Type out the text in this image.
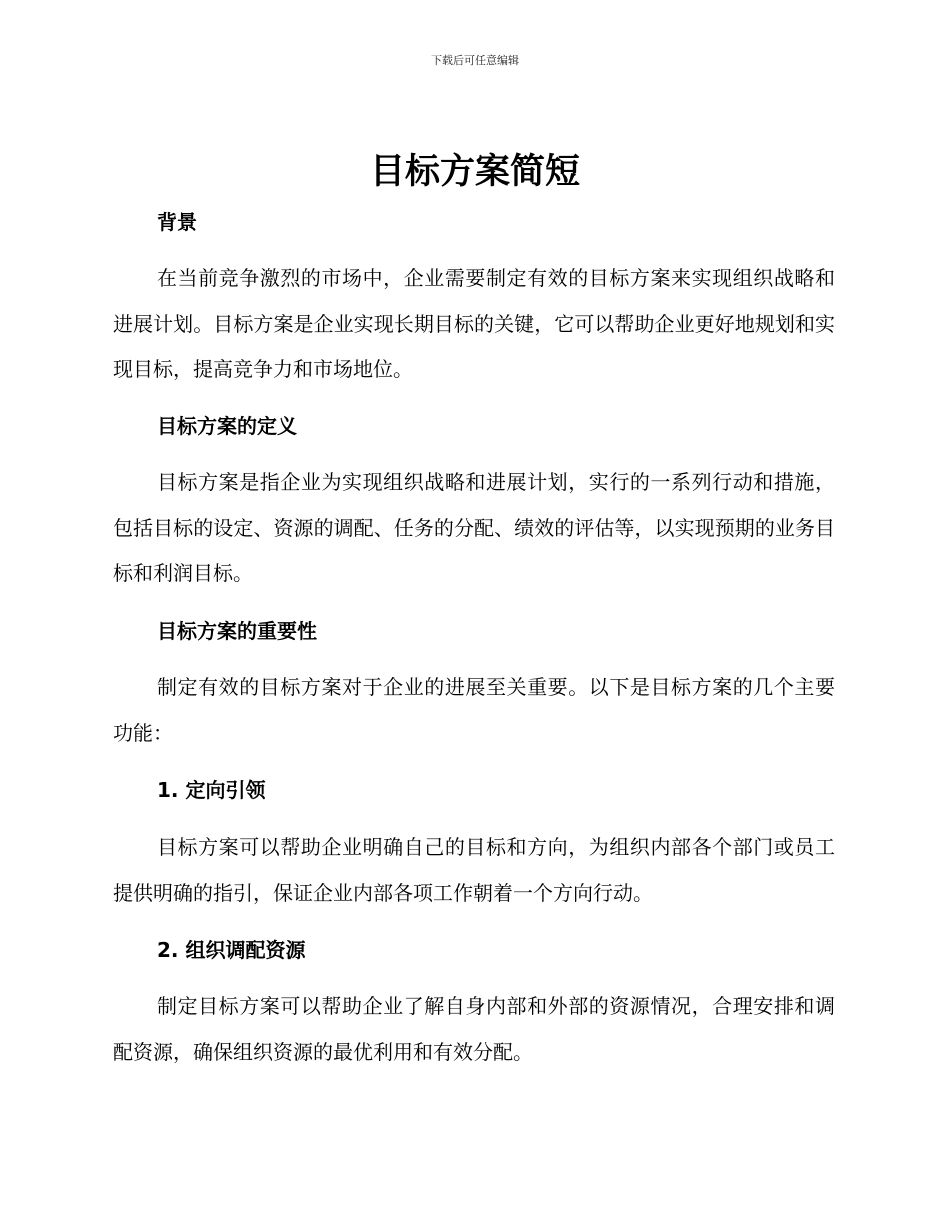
下载后可任意编辑
目标方案简短
背景

在当前竞争激烈的市场中，企业需要制定有效的目标方案来实现组织战略和进展计划。目标方案是企业实现长期目标的关键，它可以帮助企业更好地规划和实现目标，提高竞争力和市场地位。

目标方案的定义

目标方案是指企业为实现组织战略和进展计划，实行的一系列行动和措施，包括目标的设定、资源的调配、任务的分配、绩效的评估等，以实现预期的业务目标和利润目标。

目标方案的重要性

制定有效的目标方案对于企业的进展至关重要。以下是目标方案的几个主要功能：

1. 定向引领

目标方案可以帮助企业明确自己的目标和方向，为组织内部各个部门或员工提供明确的指引，保证企业内部各项工作朝着一个方向行动。

2. 组织调配资源

制定目标方案可以帮助企业了解自身内部和外部的资源情况，合理安排和调配资源，确保组织资源的最优利用和有效分配。
